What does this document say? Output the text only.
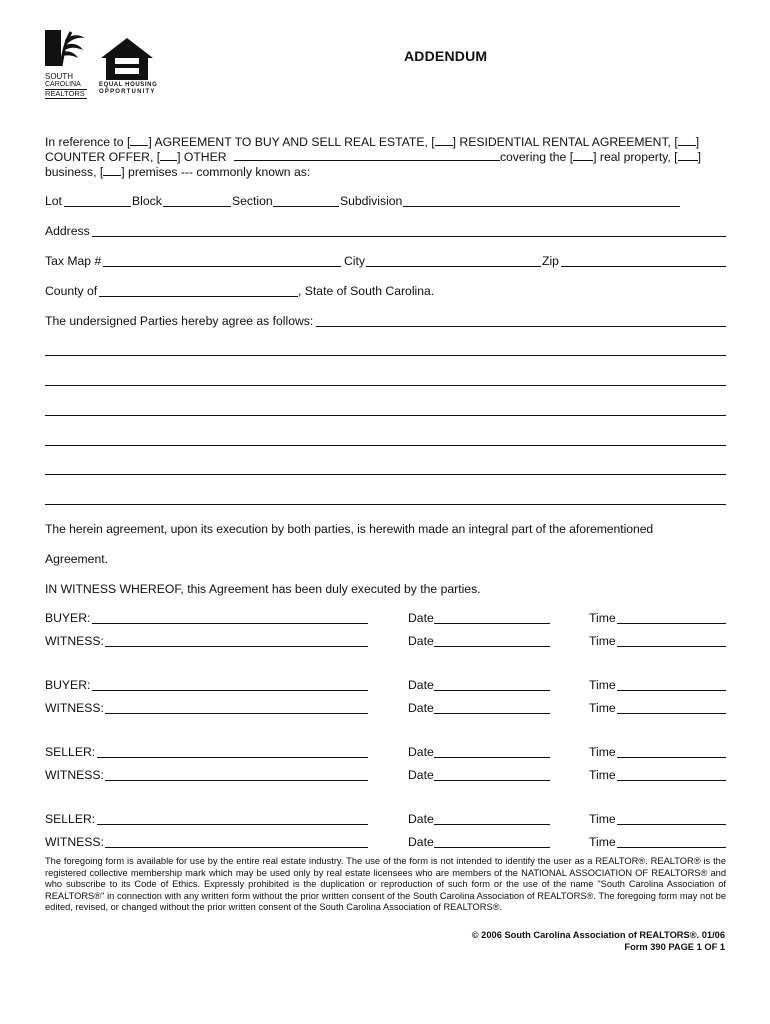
SOUTH
CAROLINA
REALTORS
EQUAL HOUSING
OPPORTUNITY
ADDENDUM
In reference to [ ] AGREEMENT TO BUY AND SELL REAL ESTATE, [ ] RESIDENTIAL RENTAL AGREEMENT, [ ]
COUNTER OFFER, [ ] OTHER	covering the [ ] real property, [ ]
business, [ ] premises --- commonly known as:
Lot	Block	Section	Subdivision
Address
Tax Map #	City	Zip
County of	, State of South Carolina.
The undersigned Parties hereby agree as follows:
The herein agreement, upon its execution by both parties, is herewith made an integral part of the aforementioned
Agreement.
IN WITNESS WHEREOF, this Agreement has been duly executed by the parties.
BUYER:	Date	Time
WITNESS:	Date	Time
BUYER:	Date	Time
WITNESS:	Date	Time
SELLER:	Date	Time
WITNESS:	Date	Time
SELLER:	Date	Time
WITNESS:	Date	Time
The foregoing form is available for use by the entire real estate industry. The use of the form is not intended to identify the user as a REALTOR®. REALTOR® is the registered collective membership mark which may be used only by real estate licensees who are members of the NATIONAL ASSOCIATION OF REALTORS® and who subscribe to its Code of Ethics. Expressly prohibited is the duplication or reproduction of such form or the use of the name "South Carolina Association of REALTORS®" in connection with any written form without the prior written consent of the South Carolina Association of REALTORS®. The foregoing form may not be edited, revised, or changed without the prior written consent of the South Carolina Association of REALTORS®.
© 2006 South Carolina Association of REALTORS®. 01/06
Form 390 PAGE 1 OF 1
